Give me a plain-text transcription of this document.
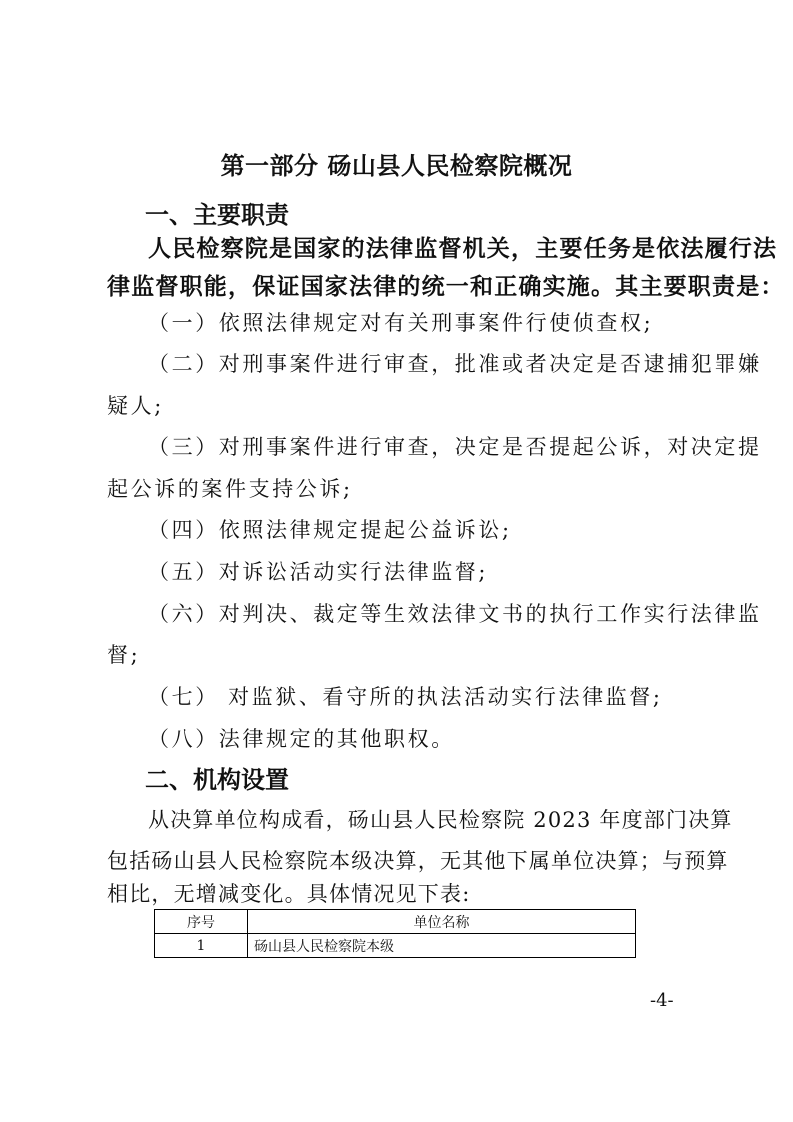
第一部分 砀山县人民检察院概况
一、主要职责
人民检察院是国家的法律监督机关，主要任务是依法履行法
律监督职能，保证国家法律的统一和正确实施。其主要职责是：
（一）依照法律规定对有关刑事案件行使侦查权;
（二）对刑事案件进行审查，批准或者决定是否逮捕犯罪嫌
疑人;
（三）对刑事案件进行审查，决定是否提起公诉，对决定提
起公诉的案件支持公诉;
（四）依照法律规定提起公益诉讼;
（五）对诉讼活动实行法律监督;
（六）对判决、裁定等生效法律文书的执行工作实行法律监
督;
（七） 对监狱、看守所的执法活动实行法律监督;
（八）法律规定的其他职权。
二、机构设置
从决算单位构成看，砀山县人民检察院 2023 年度部门决算
包括砀山县人民检察院本级决算，无其他下属单位决算；与预算
相比，无增减变化。具体情况见下表:
序号	单位名称
1	砀山县人民检察院本级
-4-
